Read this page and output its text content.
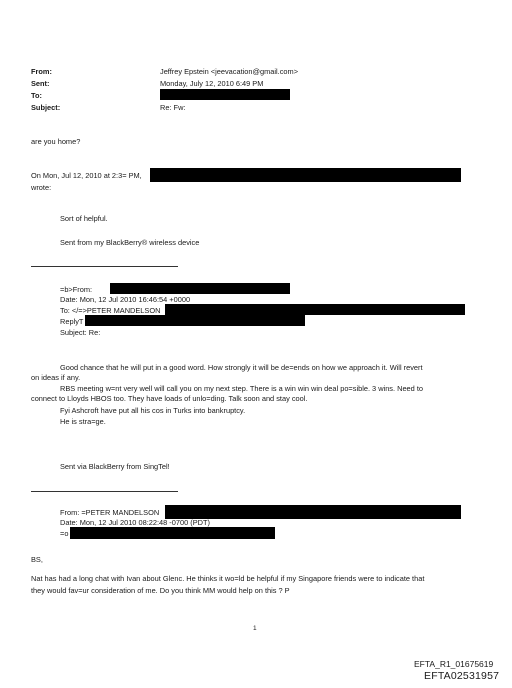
From:
Sent:
To:
Subject:
Jeffrey Epstein <jeevacation@gmail.com>
Monday, July 12, 2010 6:49 PM
Re: Fw:
are you home?
On Mon, Jul 12, 2010 at 2:3= PM,
wrote:
Sort of helpful.
Sent from my BlackBerry® wireless device
=b>From:
Date: Mon, 12 Jul 2010 16:46:54 +0000
To: </=>PETER MANDELSON
ReplyT
Subject: Re:
Good chance that he will put in a good word. How strongly it will be de=ends on how we approach it. Will revert
on ideas if any.
RBS meeting w=nt very well will call you on my next step. There is a win win win deal po=sible. 3 wins. Need to
connect to Lloyds HBOS too. They have loads of unlo=ding. Talk soon and stay cool.
Fyi Ashcroft have put all his cos in Turks into bankruptcy.
He is stra=ge.
Sent via BlackBerry from SingTel!
From: =PETER MANDELSON
Date: Mon, 12 Jul 2010 08:22:48 -0700 (PDT)
=o
BS,
Nat has had a long chat with Ivan about Glenc. He thinks it wo=ld be helpful if my Singapore friends were to indicate that
they would fav=ur consideration of me. Do you think MM would help on this ? P
1
EFTA_R1_01675619
EFTA02531957
